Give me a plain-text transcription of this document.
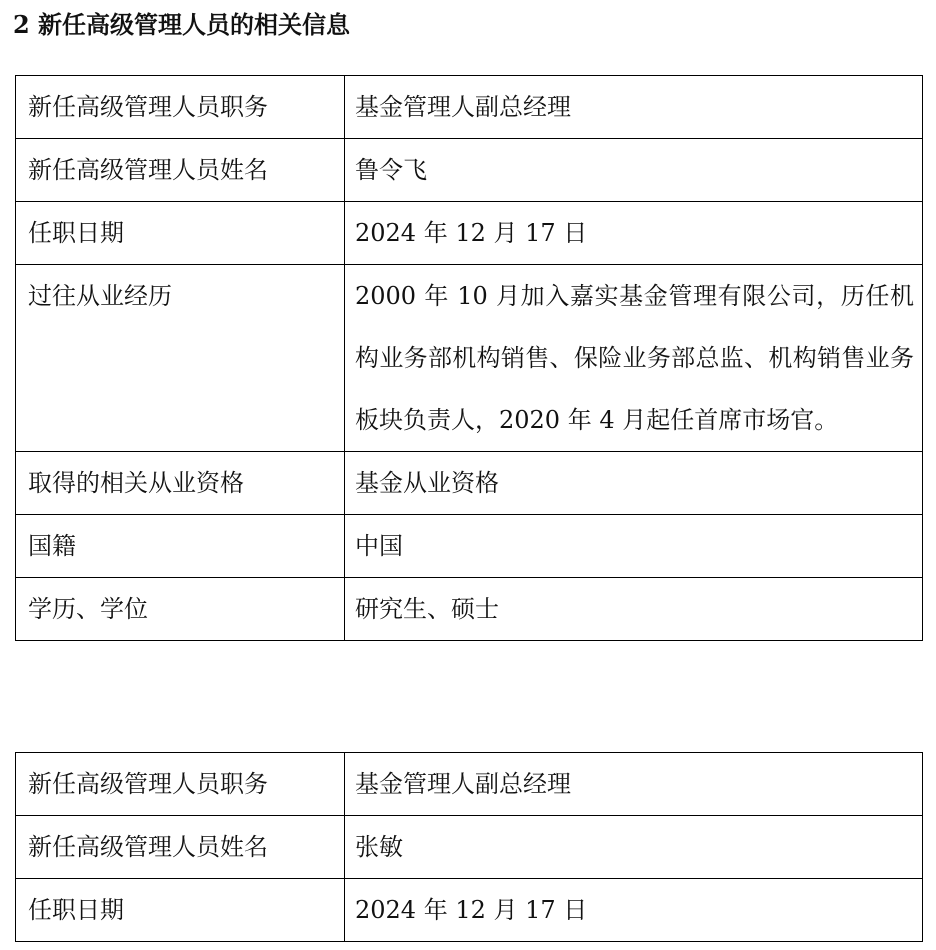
2 新任高级管理人员的相关信息
新任高级管理人员职务	基金管理人副总经理
新任高级管理人员姓名	鲁令飞
任职日期	2024 年 12 月 17 日
过往从业经历	2000 年 10 月加入嘉实基金管理有限公司，历任机构业务部机构销售、保险业务部总监、机构销售业务板块负责人，2020 年 4 月起任首席市场官。
取得的相关从业资格	基金从业资格
国籍	中国
学历、学位	研究生、硕士
新任高级管理人员职务	基金管理人副总经理
新任高级管理人员姓名	张敏
任职日期	2024 年 12 月 17 日
